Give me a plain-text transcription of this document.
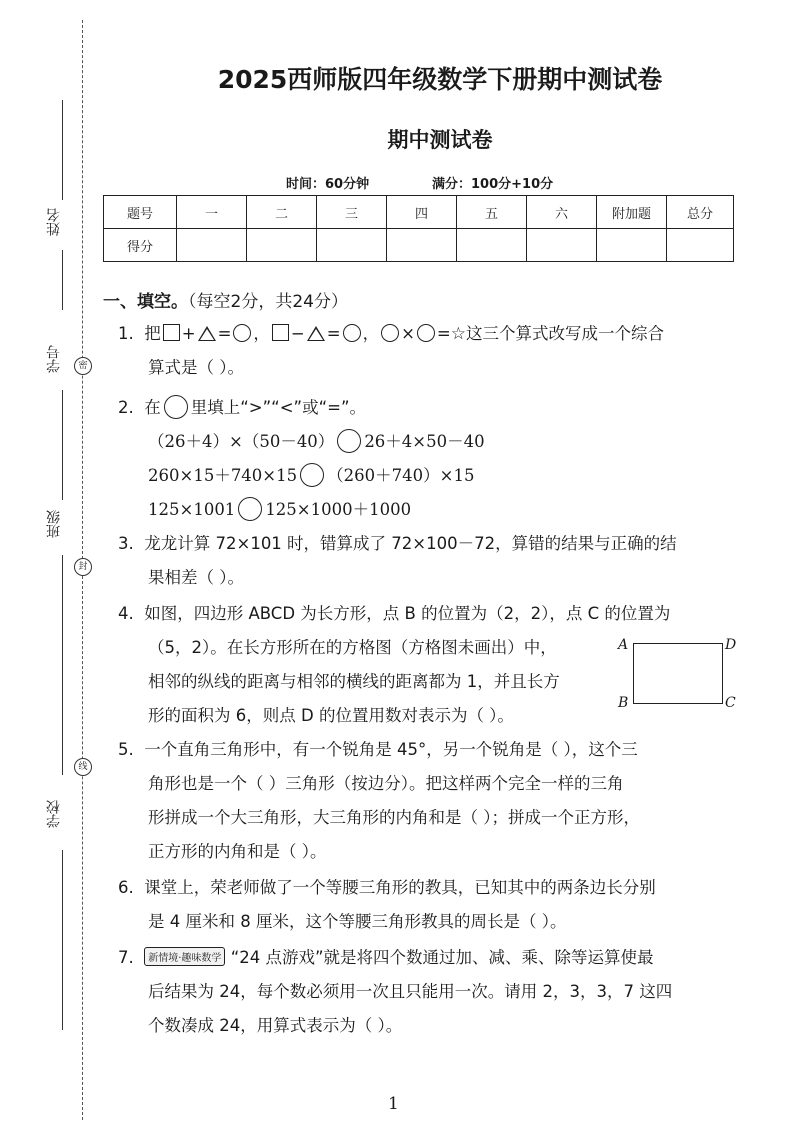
姓名
学号
班级
学校
密
封
线
2025西师版四年级数学下册期中测试卷
期中测试卷
时间：60分钟	满分：100分+10分
题号	一	二	三	四	五	六	附加题	总分
得分								
一、填空。（每空2分，共24分）
1. 把 + = ， − = ， × =☆这三个算式改写成一个综合
算式是（ ）。
2. 在 里填上“>”“<”或“=”。
（26＋4）×（50－40） 26＋4×50－40
260×15＋740×15 （260＋740）×15
125×1001 125×1000＋1000
3. 龙龙计算 72×101 时，错算成了 72×100－72，算错的结果与正确的结
果相差（ ）。
4. 如图，四边形 ABCD 为长方形，点 B 的位置为（2，2），点 C 的位置为
（5，2）。在长方形所在的方格图（方格图未画出）中，
相邻的纵线的距离与相邻的横线的距离都为 1，并且长方
形的面积为 6，则点 D 的位置用数对表示为（ ）。
A	D
B	C
5. 一个直角三角形中，有一个锐角是 45°，另一个锐角是（ ），这个三
角形也是一个（ ）三角形（按边分）。把这样两个完全一样的三角
形拼成一个大三角形，大三角形的内角和是（ ）；拼成一个正方形，
正方形的内角和是（ ）。
6. 课堂上，荣老师做了一个等腰三角形的教具，已知其中的两条边长分别
是 4 厘米和 8 厘米，这个等腰三角形教具的周长是（ ）。
7. 新情境·趣味数学 “24 点游戏”就是将四个数通过加、减、乘、除等运算使最
后结果为 24，每个数必须用一次且只能用一次。请用 2，3，3，7 这四
个数凑成 24，用算式表示为（ ）。
1
